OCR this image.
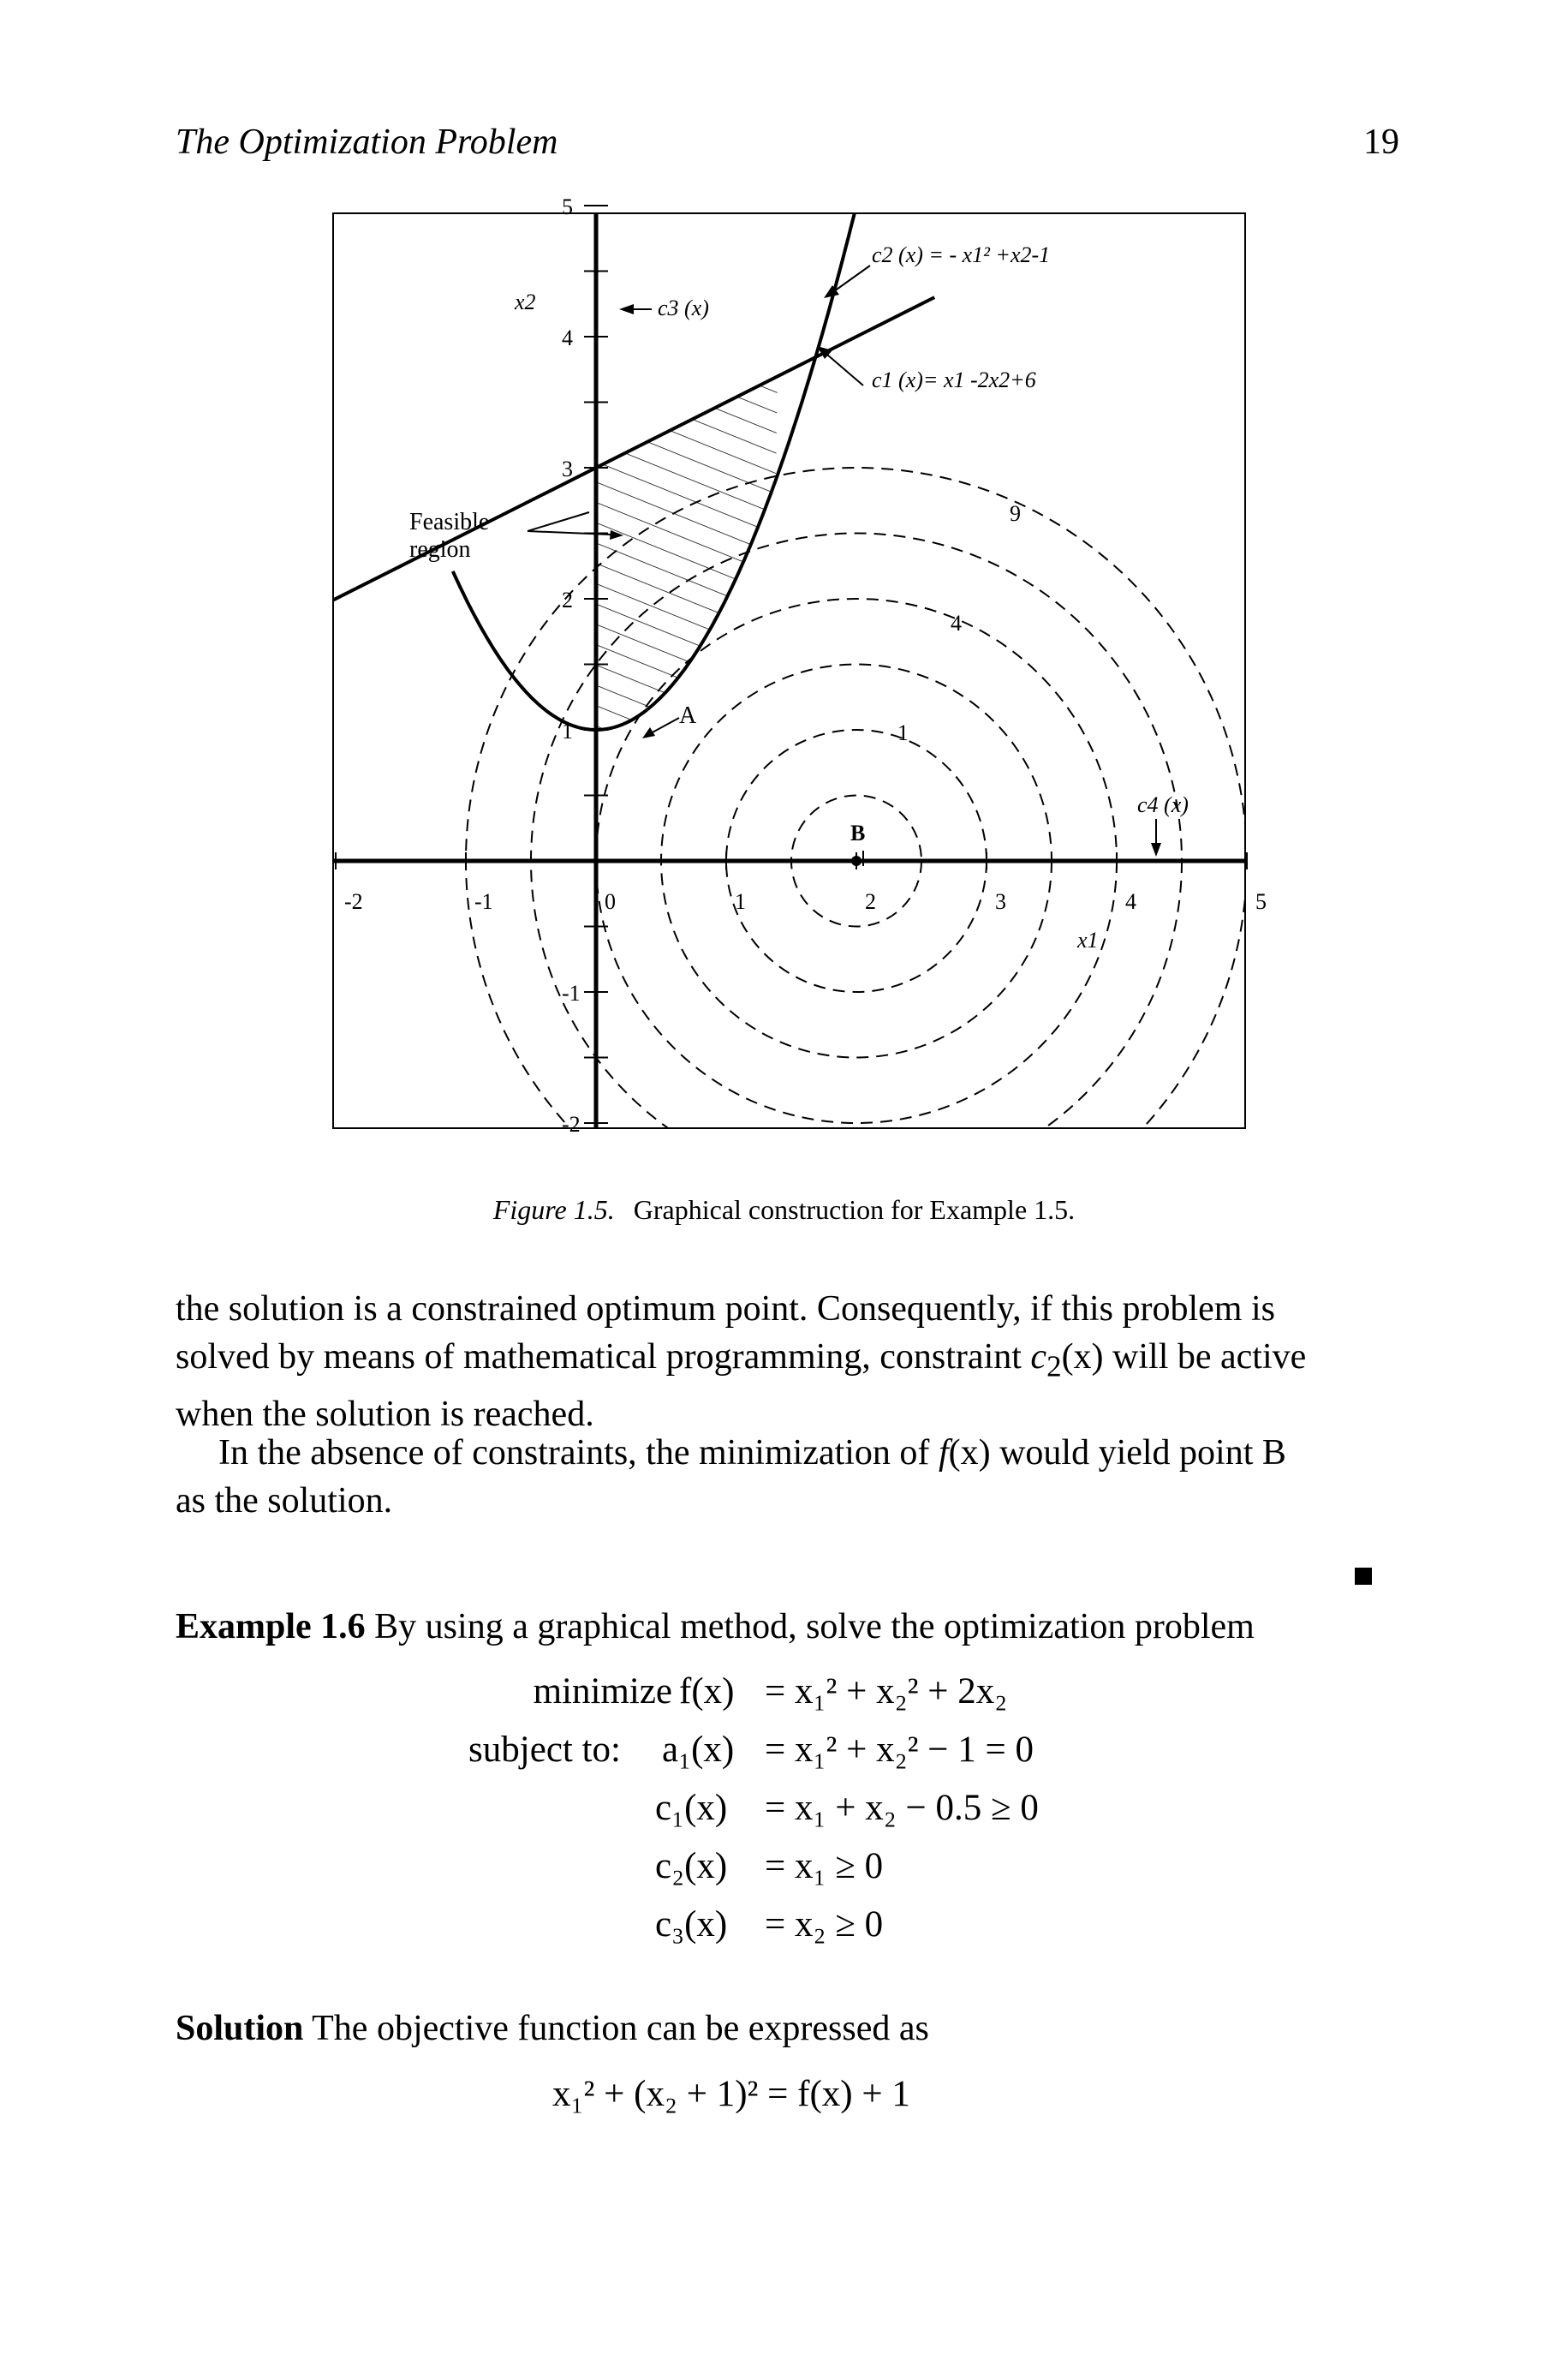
The Optimization Problem	19
-2	-1	0	1	2	3	4	5
5
4
3
2
1
-1
-2
x2
x1
c1 (x)= x1 -2x2+6
c2 (x) = - x1² +x2-1
c3 (x)
c4 (x)
Feasible
region
A
B
1
4
9
Figure 1.5. Graphical construction for Example 1.5.
the solution is a constrained optimum point. Consequently, if this problem is
solved by means of mathematical programming, constraint $c_2(x)$ will be active
when the solution is reached.
In the absence of constraints, the minimization of f(x) would yield point B
as the solution.
Example 1.6 By using a graphical method, solve the optimization problem
minimize f(x) = x₁² + x₂² + 2x₂
subject to: a₁(x) = x₁² + x₂² − 1 = 0
c₁(x) = x₁ + x₂ − 0.5 ≥ 0
c₂(x) = x₁ ≥ 0
c₃(x) = x₂ ≥ 0
Solution The objective function can be expressed as
x₁² + (x₂ + 1)² = f(x) + 1
